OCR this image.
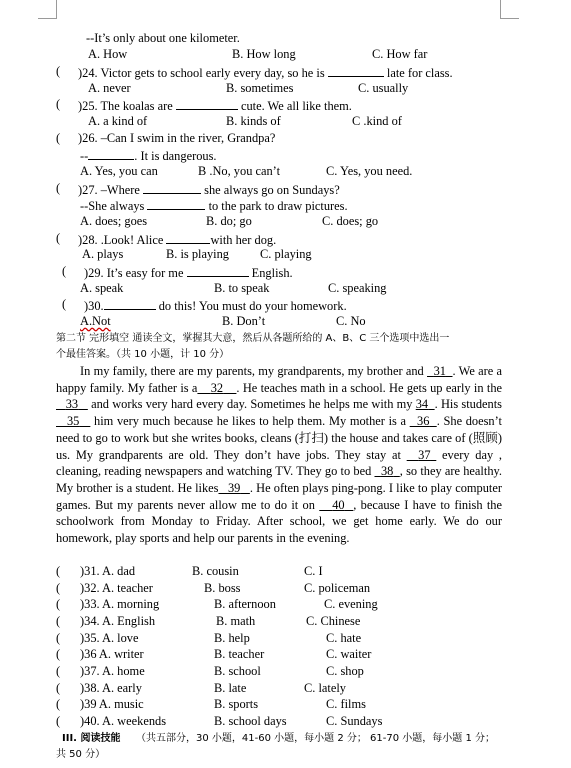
--It’s only about one kilometer.
A. How	B. How long	C. How far
( )24. Victor gets to school early every day, so he is	late for class.
A. never	B. sometimes	C. usually
( )25. The koalas are	cute. We all like them.
A. a kind of	B. kinds of	C .kind of
( )26. –Can I swim in the river, Grandpa?
--	. It is dangerous.
A. Yes, you can	B .No, you can’t	C. Yes, you need.
( )27. –Where	she always go on Sundays?
--She always	to the park to draw pictures.
A. does; goes	B. do; go	C. does; go
( )28. .Look! Alice	with her dog.
A. plays	B. is playing	C. playing
( )29. It’s easy for me	English.
A. speak	B. to speak	C. speaking
( )30.	do this! You must do your homework.
A.Not	B. Don’t	C. No
第二节 完形填空 通读全文，掌握其大意，然后从各题所给的 A、B、C 三个选项中选出一
个最佳答案。（共 10 小题，计 10 分）
In my family, there are my parents, my grandparents, my brother and   31 . We are a happy family. My father is a 32 . He teaches math in a school. He gets up early in the    33    and works very hard every day. Sometimes he helps me with my 34 . His students    35    him very much because he likes to help them. My mother is a   36 . She doesn’t need to go to work but she writes books, cleans (打扫) the house and takes care of (照顾) us. My grandparents are old. They don’t have jobs. They stay at   37  every day , cleaning, reading newspapers and watching TV. They go to bed   38 , so they are healthy. My brother is a student. He likes 39 . He often plays ping-pong. I like to play computer games. But my parents never allow me to do it on    40 , because I have to finish the schoolwork from Monday to Friday. After school, we get home early. We do our homework, play sports and help our parents in the evening.
( )31. A. dad	B. cousin	C. I
( )32. A. teacher	B. boss	C. policeman
( )33. A. morning	B. afternoon	C. evening
( )34. A. English	B. math	C. Chinese
( )35. A. love	B. help	C. hate
( )36 A. writer	B. teacher	C. waiter
( )37. A. home	B. school	C. shop
( )38. A. early	B. late	C. lately
( )39 A. music	B. sports	C. films
( )40. A. weekends	B. school days	C. Sundays
III. 阅读技能 （共五部分，30 小题，41-60 小题，每小题 2 分； 61-70 小题，每小题 1 分；
共 50 分）
